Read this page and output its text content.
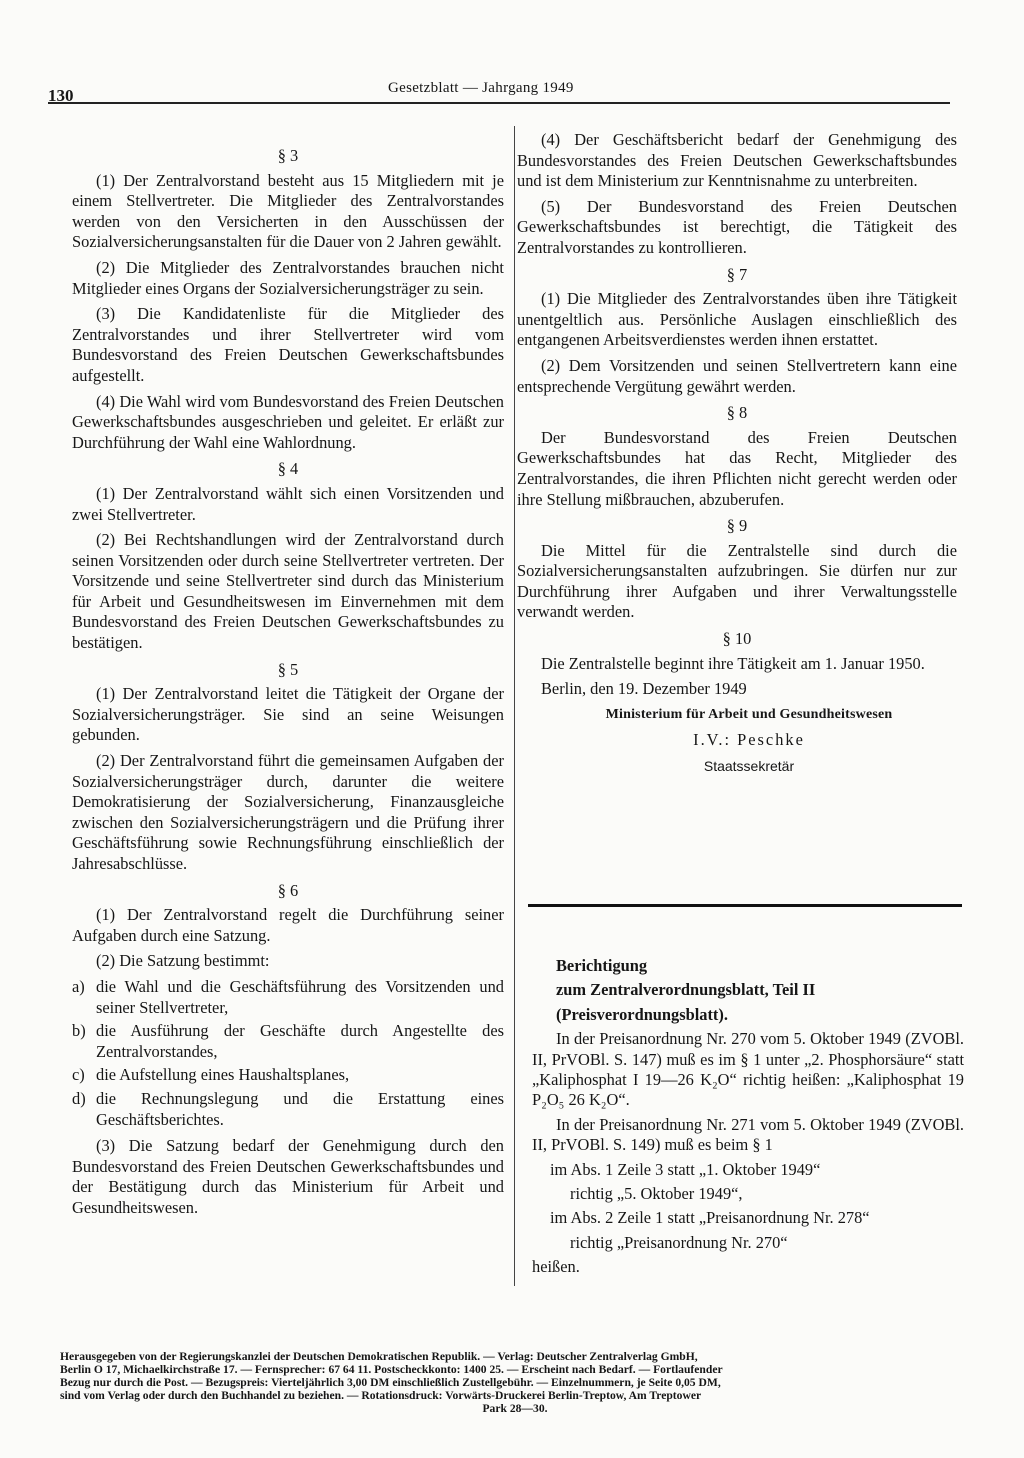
130	Gesetzblatt — Jahrgang 1949
§ 3

(1) Der Zentralvorstand besteht aus 15 Mitgliedern mit je einem Stellvertreter. Die Mitglieder des Zentralvorstandes werden von den Versicherten in den Ausschüssen der Sozialversicherungsanstalten für die Dauer von 2 Jahren gewählt.

(2) Die Mitglieder des Zentralvorstandes brauchen nicht Mitglieder eines Organs der Sozialversicherungsträger zu sein.

(3) Die Kandidatenliste für die Mitglieder des Zentralvorstandes und ihrer Stellvertreter wird vom Bundesvorstand des Freien Deutschen Gewerkschaftsbundes aufgestellt.

(4) Die Wahl wird vom Bundesvorstand des Freien Deutschen Gewerkschaftsbundes ausgeschrieben und geleitet. Er erläßt zur Durchführung der Wahl eine Wahlordnung.

§ 4

(1) Der Zentralvorstand wählt sich einen Vorsitzenden und zwei Stellvertreter.

(2) Bei Rechtshandlungen wird der Zentralvorstand durch seinen Vorsitzenden oder durch seine Stellvertreter vertreten. Der Vorsitzende und seine Stellvertreter sind durch das Ministerium für Arbeit und Gesundheitswesen im Einvernehmen mit dem Bundesvorstand des Freien Deutschen Gewerkschaftsbundes zu bestätigen.

§ 5

(1) Der Zentralvorstand leitet die Tätigkeit der Organe der Sozialversicherungsträger. Sie sind an seine Weisungen gebunden.

(2) Der Zentralvorstand führt die gemeinsamen Aufgaben der Sozialversicherungsträger durch, darunter die weitere Demokratisierung der Sozialversicherung, Finanzausgleiche zwischen den Sozialversicherungsträgern und die Prüfung ihrer Geschäftsführung sowie Rechnungsführung einschließlich der Jahresabschlüsse.

§ 6

(1) Der Zentralvorstand regelt die Durchführung seiner Aufgaben durch eine Satzung.

(2) Die Satzung bestimmt:

a) die Wahl und die Geschäftsführung des Vorsitzenden und seiner Stellvertreter,
b) die Ausführung der Geschäfte durch Angestellte des Zentralvorstandes,
c) die Aufstellung eines Haushaltsplanes,
d) die Rechnungslegung und die Erstattung eines Geschäftsberichtes.

(3) Die Satzung bedarf der Genehmigung durch den Bundesvorstand des Freien Deutschen Gewerkschaftsbundes und der Bestätigung durch das Ministerium für Arbeit und Gesundheitswesen.

(4) Der Geschäftsbericht bedarf der Genehmigung des Bundesvorstandes des Freien Deutschen Gewerkschaftsbundes und ist dem Ministerium zur Kenntnisnahme zu unterbreiten.

(5) Der Bundesvorstand des Freien Deutschen Gewerkschaftsbundes ist berechtigt, die Tätigkeit des Zentralvorstandes zu kontrollieren.

§ 7

(1) Die Mitglieder des Zentralvorstandes üben ihre Tätigkeit unentgeltlich aus. Persönliche Auslagen einschließlich des entgangenen Arbeitsverdienstes werden ihnen erstattet.

(2) Dem Vorsitzenden und seinen Stellvertretern kann eine entsprechende Vergütung gewährt werden.

§ 8

Der Bundesvorstand des Freien Deutschen Gewerkschaftsbundes hat das Recht, Mitglieder des Zentralvorstandes, die ihren Pflichten nicht gerecht werden oder ihre Stellung mißbrauchen, abzuberufen.

§ 9

Die Mittel für die Zentralstelle sind durch die Sozialversicherungsanstalten aufzubringen. Sie dürfen nur zur Durchführung ihrer Aufgaben und ihrer Verwaltungsstelle verwandt werden.

§ 10

Die Zentralstelle beginnt ihre Tätigkeit am 1. Januar 1950.

Berlin, den 19. Dezember 1949

Ministerium für Arbeit und Gesundheitswesen

I.V.: Peschke

Staatssekretär

Berichtigung

zum Zentralverordnungsblatt, Teil II

(Preisverordnungsblatt).

In der Preisanordnung Nr. 270 vom 5. Oktober 1949 (ZVOBl. II, PrVOBl. S. 147) muß es im § 1 unter „2. Phosphorsäure“ statt „Kaliphosphat I 19—26 K₂O“ richtig heißen: „Kaliphosphat 19 P₂O₅ 26 K₂O“.

In der Preisanordnung Nr. 271 vom 5. Oktober 1949 (ZVOBl. II, PrVOBl. S. 149) muß es beim § 1

im Abs. 1 Zeile 3 statt „1. Oktober 1949“

richtig „5. Oktober 1949“,

im Abs. 2 Zeile 1 statt „Preisanordnung Nr. 278“

richtig „Preisanordnung Nr. 270“

heißen.

Herausgegeben von der Regierungskanzlei der Deutschen Demokratischen Republik. — Verlag: Deutscher Zentralverlag GmbH,
Berlin O 17, Michaelkirchstraße 17. — Fernsprecher: 67 64 11. Postscheckkonto: 1400 25. — Erscheint nach Bedarf. — Fortlaufender
Bezug nur durch die Post. — Bezugspreis: Vierteljährlich 3,00 DM einschließlich Zustellgebühr. — Einzelnummern, je Seite 0,05 DM,
sind vom Verlag oder durch den Buchhandel zu beziehen. — Rotationsdruck: Vorwärts-Druckerei Berlin-Treptow, Am Treptower
Park 28—30.
